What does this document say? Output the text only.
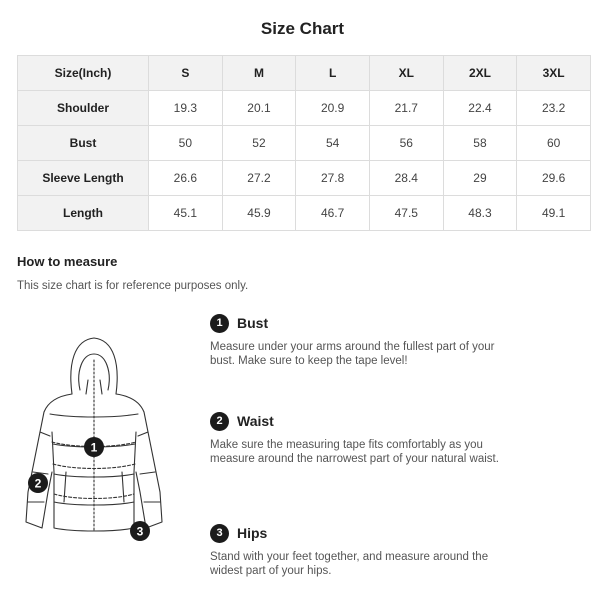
Size Chart
Size(Inch)	S	M	L	XL	2XL	3XL
Shoulder	19.3	20.1	20.9	21.7	22.4	23.2
Bust	50	52	54	56	58	60
Sleeve Length	26.6	27.2	27.8	28.4	29	29.6
Length	45.1	45.9	46.7	47.5	48.3	49.1
How to measure
This size chart is for reference purposes only.
1
2
3
1	Bust
Measure under your arms around the fullest part of your bust. Make sure to keep the tape level!
2	Waist
Make sure the measuring tape fits comfortably as you measure around the narrowest part of your natural waist.
3	Hips
Stand with your feet together, and measure around the widest part of your hips.
